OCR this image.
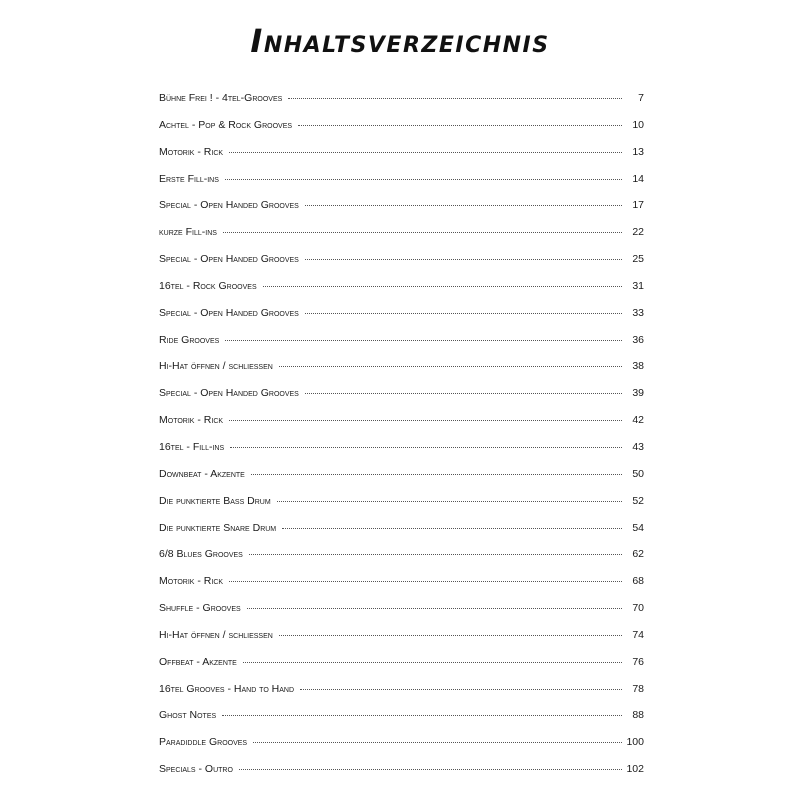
Inhaltsverzeichnis
Bühne Frei ! - 4tel-Grooves	7
Achtel - Pop & Rock Grooves	10
Motorik - Rick	13
Erste Fill-ins	14
Special - Open Handed Grooves	17
kurze Fill-ins	22
Special - Open Handed Grooves	25
16tel - Rock Grooves	31
Special - Open Handed Grooves	33
Ride Grooves	36
Hi-Hat öffnen / schliessen	38
Special - Open Handed Grooves	39
Motorik - Rick	42
16tel - Fill-ins	43
Downbeat - Akzente	50
Die punktierte Bass Drum	52
Die punktierte Snare Drum	54
6/8 Blues Grooves	62
Motorik - Rick	68
Shuffle - Grooves	70
Hi-Hat öffnen / schliessen	74
Offbeat - Akzente	76
16tel Grooves - Hand to Hand	78
Ghost Notes	88
Paradiddle Grooves	100
Specials - Outro	102
